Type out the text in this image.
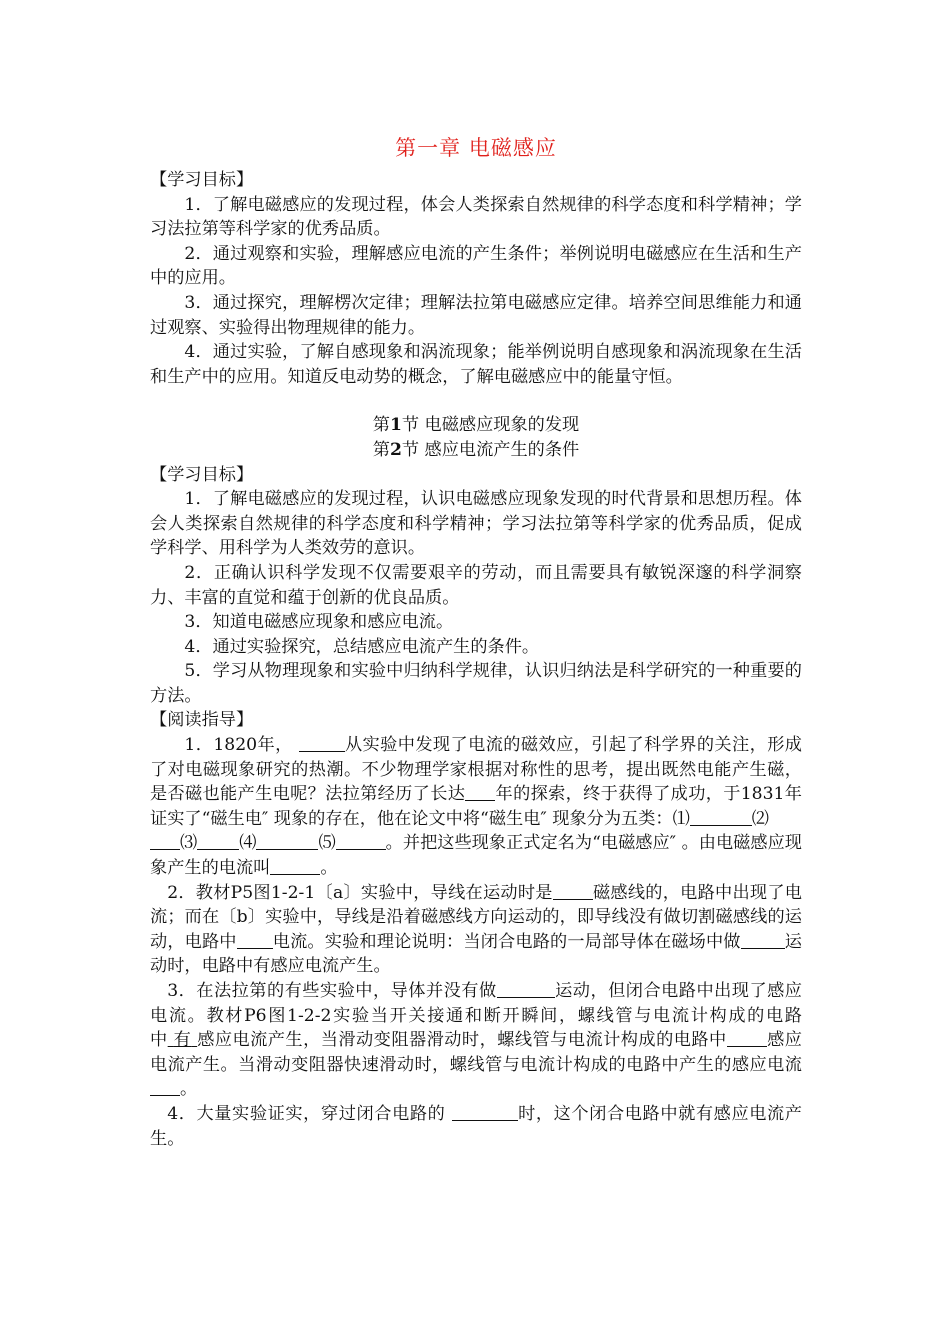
第一章 电磁感应

【学习目标】

1．了解电磁感应的发现过程，体会人类探索自然规律的科学态度和科学精神；学习法拉第等科学家的优秀品质。

2．通过观察和实验，理解感应电流的产生条件；举例说明电磁感应在生活和生产中的应用。

3．通过探究，理解楞次定律；理解法拉第电磁感应定律。培养空间思维能力和通过观察、实验得出物理规律的能力。

4．通过实验，了解自感现象和涡流现象；能举例说明自感现象和涡流现象在生活和生产中的应用。知道反电动势的概念，了解电磁感应中的能量守恒。

第1节 电磁感应现象的发现

第2节 感应电流产生的条件

【学习目标】

1．了解电磁感应的发现过程，认识电磁感应现象发现的时代背景和思想历程。体会人类探索自然规律的科学态度和科学精神；学习法拉第等科学家的优秀品质，促成学科学、用科学为人类效劳的意识。

2．正确认识科学发现不仅需要艰辛的劳动，而且需要具有敏锐深邃的科学洞察力、丰富的直觉和蕴于创新的优良品质。

3．知道电磁感应现象和感应电流。

4．通过实验探究，总结感应电流产生的条件。

5．学习从物理现象和实验中归纳科学规律，认识归纳法是科学研究的一种重要的方法。

【阅读指导】

1．1820年，	从实验中发现了电流的磁效应，引起了科学界的关注，形成了对电磁现象研究的热潮。不少物理学家根据对称性的思考，提出既然电能产生磁，是否磁也能产生电呢？法拉第经历了长达 年的探索，终于获得了成功，于1831年证实了“磁生电″ 现象的存在，他在论文中将“磁生电″ 现象分为五类：⑴	⑵
⑶ ⑷	⑸	。并把这些现象正式定名为“电磁感应″ 。由电磁感应现象产生的电流叫	。

2．教材P5图1-2-1〔a〕实验中，导线在运动时是 磁感线的，电路中出现了电流；而在〔b〕实验中，导线是沿着磁感线方向运动的，即导线没有做切割磁感线的运动，电路中 电流。实验和理论说明：当闭合电路的一局部导体在磁场中做	运动时，电路中有感应电流产生。

3．在法拉第的有些实验中，导体并没有做	运动，但闭合电路中出现了感应电流。教材P6图1-2-2实验当开关接通和断开瞬间，螺线管与电流计构成的电路中 有 感应电流产生，当滑动变阻器滑动时，螺线管与电流计构成的电路中 感应电流产生。当滑动变阻器快速滑动时，螺线管与电流计构成的电路中产生的感应电流 。

4．大量实验证实，穿过闭合电路的	时，这个闭合电路中就有感应电流产生。
